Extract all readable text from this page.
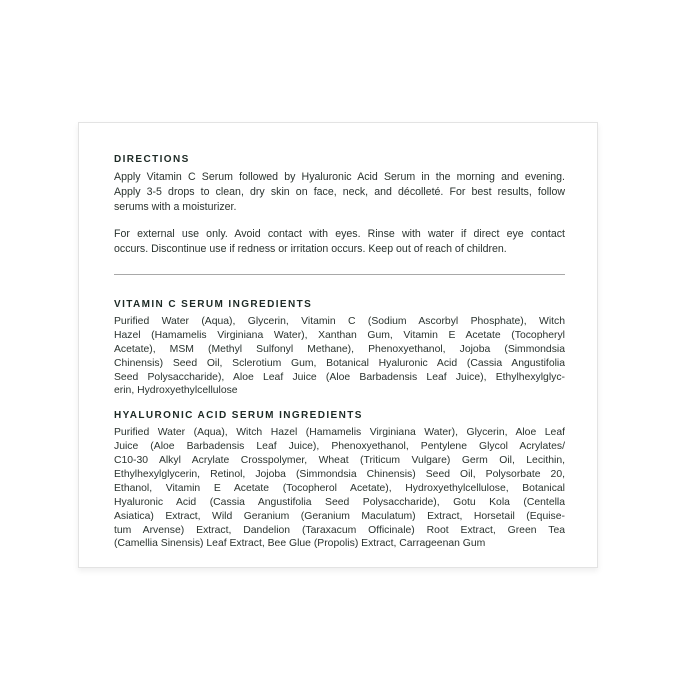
DIRECTIONS
Apply Vitamin C Serum followed by Hyaluronic Acid Serum in the morning and evening.
Apply 3-5 drops to clean, dry skin on face, neck, and décolleté. For best results, follow
serums with a moisturizer.
For external use only. Avoid contact with eyes. Rinse with water if direct eye contact
occurs. Discontinue use if redness or irritation occurs. Keep out of reach of children.
VITAMIN C SERUM INGREDIENTS
Purified Water (Aqua), Glycerin, Vitamin C (Sodium Ascorbyl Phosphate), Witch
Hazel (Hamamelis Virginiana Water), Xanthan Gum, Vitamin E Acetate (Tocopheryl
Acetate), MSM (Methyl Sulfonyl Methane), Phenoxyethanol, Jojoba (Simmondsia
Chinensis) Seed Oil, Sclerotium Gum, Botanical Hyaluronic Acid (Cassia Angustifolia
Seed Polysaccharide), Aloe Leaf Juice (Aloe Barbadensis Leaf Juice), Ethylhexylglyc-
erin, Hydroxyethylcellulose
HYALURONIC ACID SERUM INGREDIENTS
Purified Water (Aqua), Witch Hazel (Hamamelis Virginiana Water), Glycerin, Aloe Leaf
Juice (Aloe Barbadensis Leaf Juice), Phenoxyethanol, Pentylene Glycol Acrylates/
C10-30 Alkyl Acrylate Crosspolymer, Wheat (Triticum Vulgare) Germ Oil, Lecithin,
Ethylhexylglycerin, Retinol, Jojoba (Simmondsia Chinensis) Seed Oil, Polysorbate 20,
Ethanol, Vitamin E Acetate (Tocopherol Acetate), Hydroxyethylcellulose, Botanical
Hyaluronic Acid (Cassia Angustifolia Seed Polysaccharide), Gotu Kola (Centella
Asiatica) Extract, Wild Geranium (Geranium Maculatum) Extract, Horsetail (Equise-
tum Arvense) Extract, Dandelion (Taraxacum Officinale) Root Extract, Green Tea
(Camellia Sinensis) Leaf Extract, Bee Glue (Propolis) Extract, Carrageenan Gum
